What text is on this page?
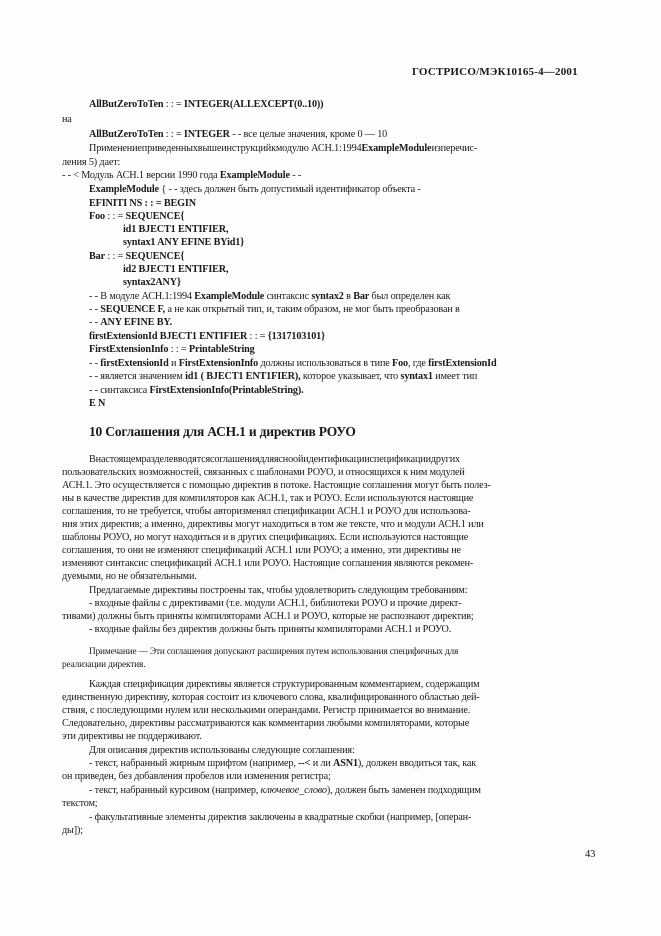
ГОСТРИСО/МЭК10165-4—2001
AllButZeroToTen : : = INTEGER(ALLEXCEPT(0..10))
на
AllButZeroToTen : : = INTEGER - - все целые значения, кроме 0 — 10
Применениеприведенныхвышеинструкцийкмодулю АСН.1:1994ExampleModuleизперечис-
ления 5) дает:
- - < Модуль АСН.1 версии 1990 года ExampleModule - -
ExampleModule { - - здесь должен быть допустимый идентификатор объекта -
EFINITI NS : : = BEGIN
Foo : : = SEQUENCE{
id1 BJECT1 ENTIFIER,
syntax1 ANY EFINE BYid1}
Bar : : = SEQUENCE{
id2 BJECT1 ENTIFIER,
syntax2ANY}
- - В модуле АСН.1:1994 ExampleModule синтаксис syntax2 в Bar был определен как
- - SEQUENCE F, а не как открытый тип, и, таким образом, не мог быть преобразован в
- - ANY EFINE BY.
firstExtensionId BJECT1 ENTIFIER : : = {1317103101}
FirstExtensionInfo : : = PrintableString
- - firstExtensionId и FirstExtensionInfo должны использоваться в типе Foo, где firstExtensionId
- - является значением id1 ( BJECT1 ENT1FIER), которое указывает, что syntax1 имеет тип
- - синтаксиса FirstExtensionInfo(PrintableString).
E N
10 Соглашения для АСН.1 и директив РОУО
Внастоящемразделевводятсясоглашениядляясноойидентификацииспецификациидругих
пользовательских возможностей, связанных с шаблонами РОУО, и относящихся к ним модулей
АСН.1. Это осуществляется с помощью директив в потоке. Настоящие соглашения могут быть полез-
ны в качестве директив для компиляторов как АСН.1, так и РОУО. Если используются настоящие
соглашения, то не требуется, чтобы авторизменял спецификации АСН.1 и РОУО для использова-
ния этих директив; а именно, директивы могут находиться в том же тексте, что и модули АСН.1 или
шаблоны РОУО, но могут находиться и в других спецификациях. Если используются настоящие
соглашения, то они не изменяют спецификаций АСН.1 или РОУО; а именно, эти директивы не
изменяют синтаксис спецификаций АСН.1 или РОУО. Настоящие соглашения являются рекомен-
дуемыми, но не обязательными.
Предлагаемые директивы построены так, чтобы удовлетворить следующим требованиям:
- входные файлы с директивами (т.е. модули АСН.1, библиотеки РОУО и прочие директ-
тивами) должны быть приняты компиляторами АСН.1 и РОУО, которые не распознают директив;
- входные файлы без директив должны быть приняты компиляторами АСН.1 и РОУО.
Примечание — Эти соглашения допускают расширения путем использования специфичных для
реализации директив.
Каждая спецификация директивы является структурированным комментарием, содержащим
единственную директиву, которая состоит из ключевого слова, квалифицированного областью дей-
ствия, с последующими нулем или несколькими операндами. Регистр принимается во внимание.
Следовательно, директивы рассматриваются как комментарии любыми компиляторами, которые
эти директивы не поддерживают.
Для описания директив использованы следующие соглашения:
- текст, набранный жирным шрифтом (например, --< и ли ASN1), должен вводиться так, как
он приведен, без добавления пробелов или изменения регистра;
- текст, набранный курсивом (например, ключевое_слово), должен быть заменен подходящим
текстом;
- факультативные элементы директив заключены в квадратные скобки (например, [операн-
ды]);
43
